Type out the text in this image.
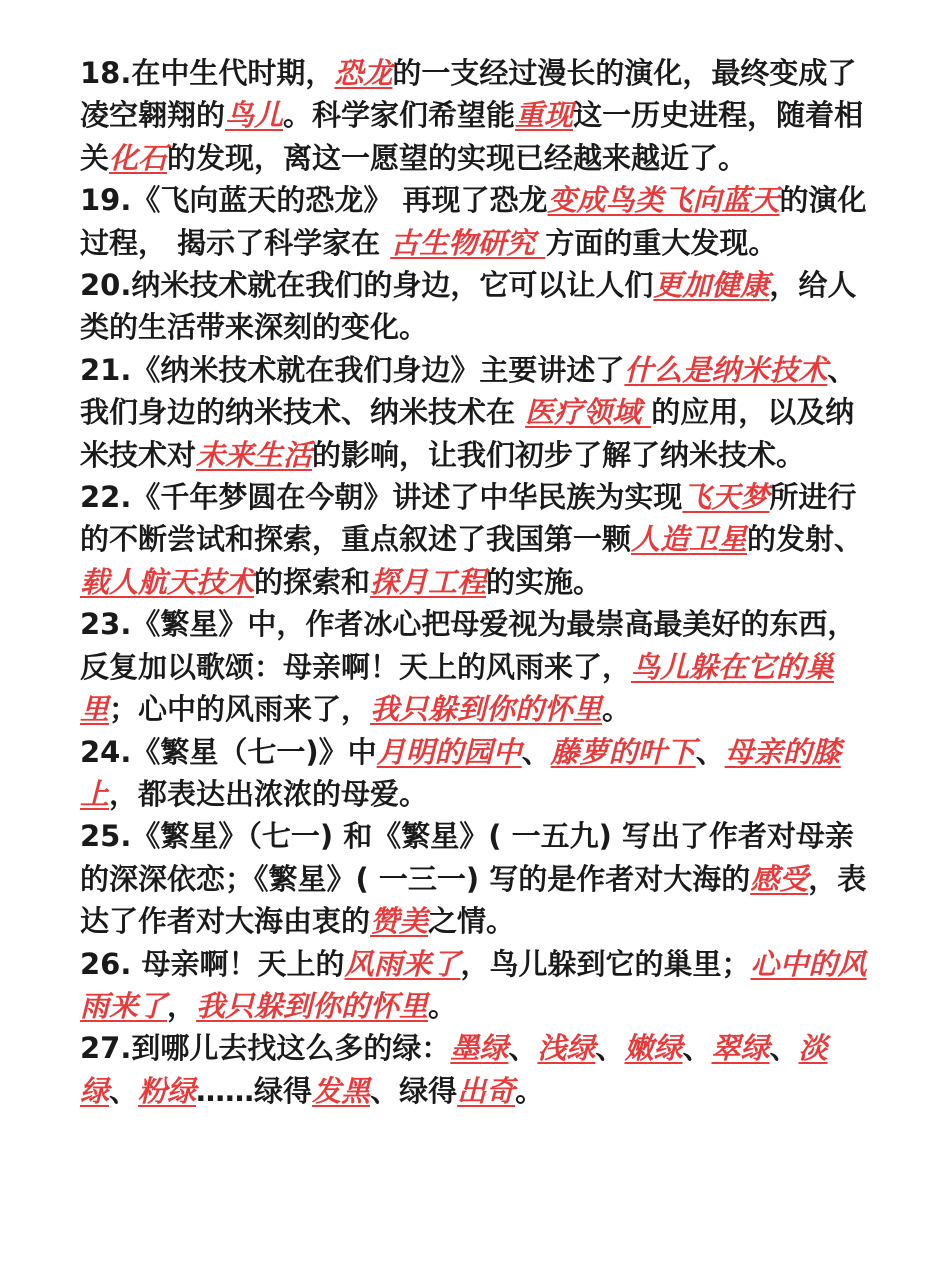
18.在中生代时期，恐龙的一支经过漫长的演化，最终变成了凌空翱翔的鸟儿。科学家们希望能重现这一历史进程，随着相关化石的发现，离这一愿望的实现已经越来越近了。

19.《飞向蓝天的恐龙》 再现了恐龙变成鸟类飞向蓝天的演化过程， 揭示了科学家在 古生物研究 方面的重大发现。

20.纳米技术就在我们的身边，它可以让人们更加健康，给人类的生活带来深刻的变化。

21.《纳米技术就在我们身边》主要讲述了什么是纳米技术、我们身边的纳米技术、纳米技术在 医疗领域 的应用，以及纳米技术对未来生活的影响，让我们初步了解了纳米技术。

22.《千年梦圆在今朝》讲述了中华民族为实现飞天梦所进行的不断尝试和探索，重点叙述了我国第一颗人造卫星的发射、载人航天技术的探索和探月工程的实施。

23.《繁星》中，作者冰心把母爱视为最崇高最美好的东西，反复加以歌颂：母亲啊！天上的风雨来了，鸟儿躲在它的巢里；心中的风雨来了，我只躲到你的怀里。

24.《繁星（七一)》中月明的园中、藤萝的叶下、母亲的膝上，都表达出浓浓的母爱。

25.《繁星》（七一) 和《繁星》( 一五九) 写出了作者对母亲的深深依恋；《繁星》( 一三一) 写的是作者对大海的感受，表达了作者对大海由衷的赞美之情。

26. 母亲啊！天上的风雨来了，鸟儿躲到它的巢里；心中的风雨来了，我只躲到你的怀里。

27.到哪儿去找这么多的绿：墨绿、浅绿、嫩绿、翠绿、淡绿、粉绿……绿得发黑、绿得出奇。
